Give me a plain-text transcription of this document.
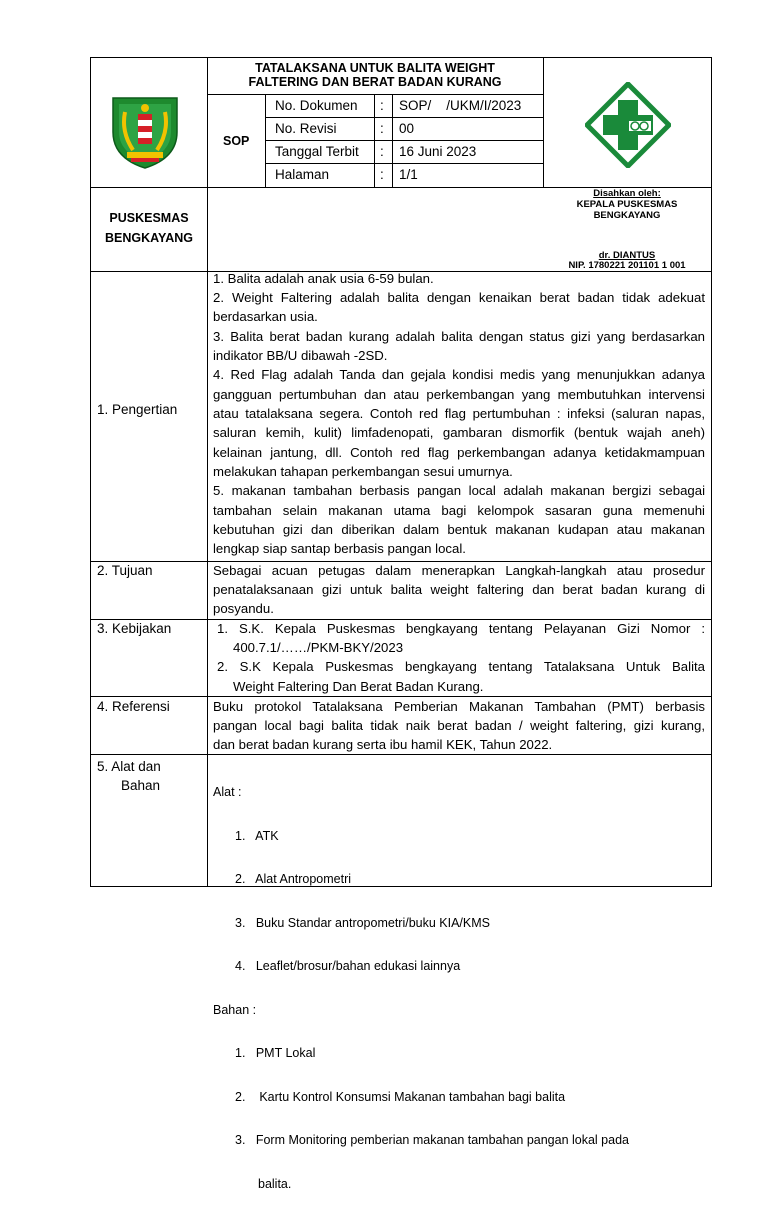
TATALAKSANA UNTUK BALITA WEIGHT
FALTERING DAN BERAT BADAN KURANG
SOP
No. Dokumen : SOP/    /UKM/I/2023
No. Revisi	: 00
Tanggal Terbit : 16 Juni 2023
Halaman	: 1/1
PUSKESMAS
BENGKAYANG
Disahkan oleh:
KEPALA PUSKESMAS
BENGKAYANG
dr. DIANTUS
NIP. 1780221 201101 1 001
1. Pengertian
2. Tujuan
3. Kebijakan
4. Referensi
5. Alat dan
Bahan
1. Balita adalah anak usia 6-59 bulan.
2. Weight Faltering adalah balita dengan kenaikan berat badan tidak adekuat
berdasarkan usia.
3. Balita berat badan kurang adalah balita dengan status gizi yang berdasarkan
indikator BB/U dibawah -2SD.
4. Red Flag adalah Tanda dan gejala kondisi medis yang menunjukkan adanya
gangguan pertumbuhan dan atau perkembangan yang membutuhkan intervensi
atau tatalaksana segera. Contoh red flag pertumbuhan : infeksi (saluran napas,
saluran kemih, kulit) limfadenopati, gambaran dismorfik (bentuk wajah aneh)
kelainan jantung, dll. Contoh red flag perkembangan adanya ketidakmampuan
melakukan tahapan perkembangan sesui umurnya.
5. makanan tambahan berbasis pangan local adalah makanan bergizi sebagai
tambahan selain makanan utama bagi kelompok sasaran guna memenuhi
kebutuhan gizi dan diberikan dalam bentuk makanan kudapan atau makanan
lengkap siap santap berbasis pangan local.
Sebagai acuan petugas dalam menerapkan Langkah-langkah atau prosedur
penatalaksanaan gizi untuk balita weight faltering dan berat badan kurang di
posyandu.
1. S.K. Kepala Puskesmas bengkayang tentang Pelayanan Gizi Nomor :
400.7.1/……/PKM-BKY/2023
2. S.K Kepala Puskesmas bengkayang tentang Tatalaksana Untuk Balita
Weight Faltering Dan Berat Badan Kurang.
Buku protokol Tatalaksana Pemberian Makanan Tambahan (PMT) berbasis
pangan local bagi balita tidak naik berat badan / weight faltering, gizi kurang,
dan berat badan kurang serta ibu hamil KEK, Tahun 2022.

Alat :

1.   ATK

2.   Alat Antropometri

3.   Buku Standar antropometri/buku KIA/KMS

4.   Leaflet/brosur/bahan edukasi lainnya

Bahan :

1.   PMT Lokal

2.    Kartu Kontrol Konsumsi Makanan tambahan bagi balita

3.   Form Monitoring pemberian makanan tambahan pangan lokal pada

balita.
